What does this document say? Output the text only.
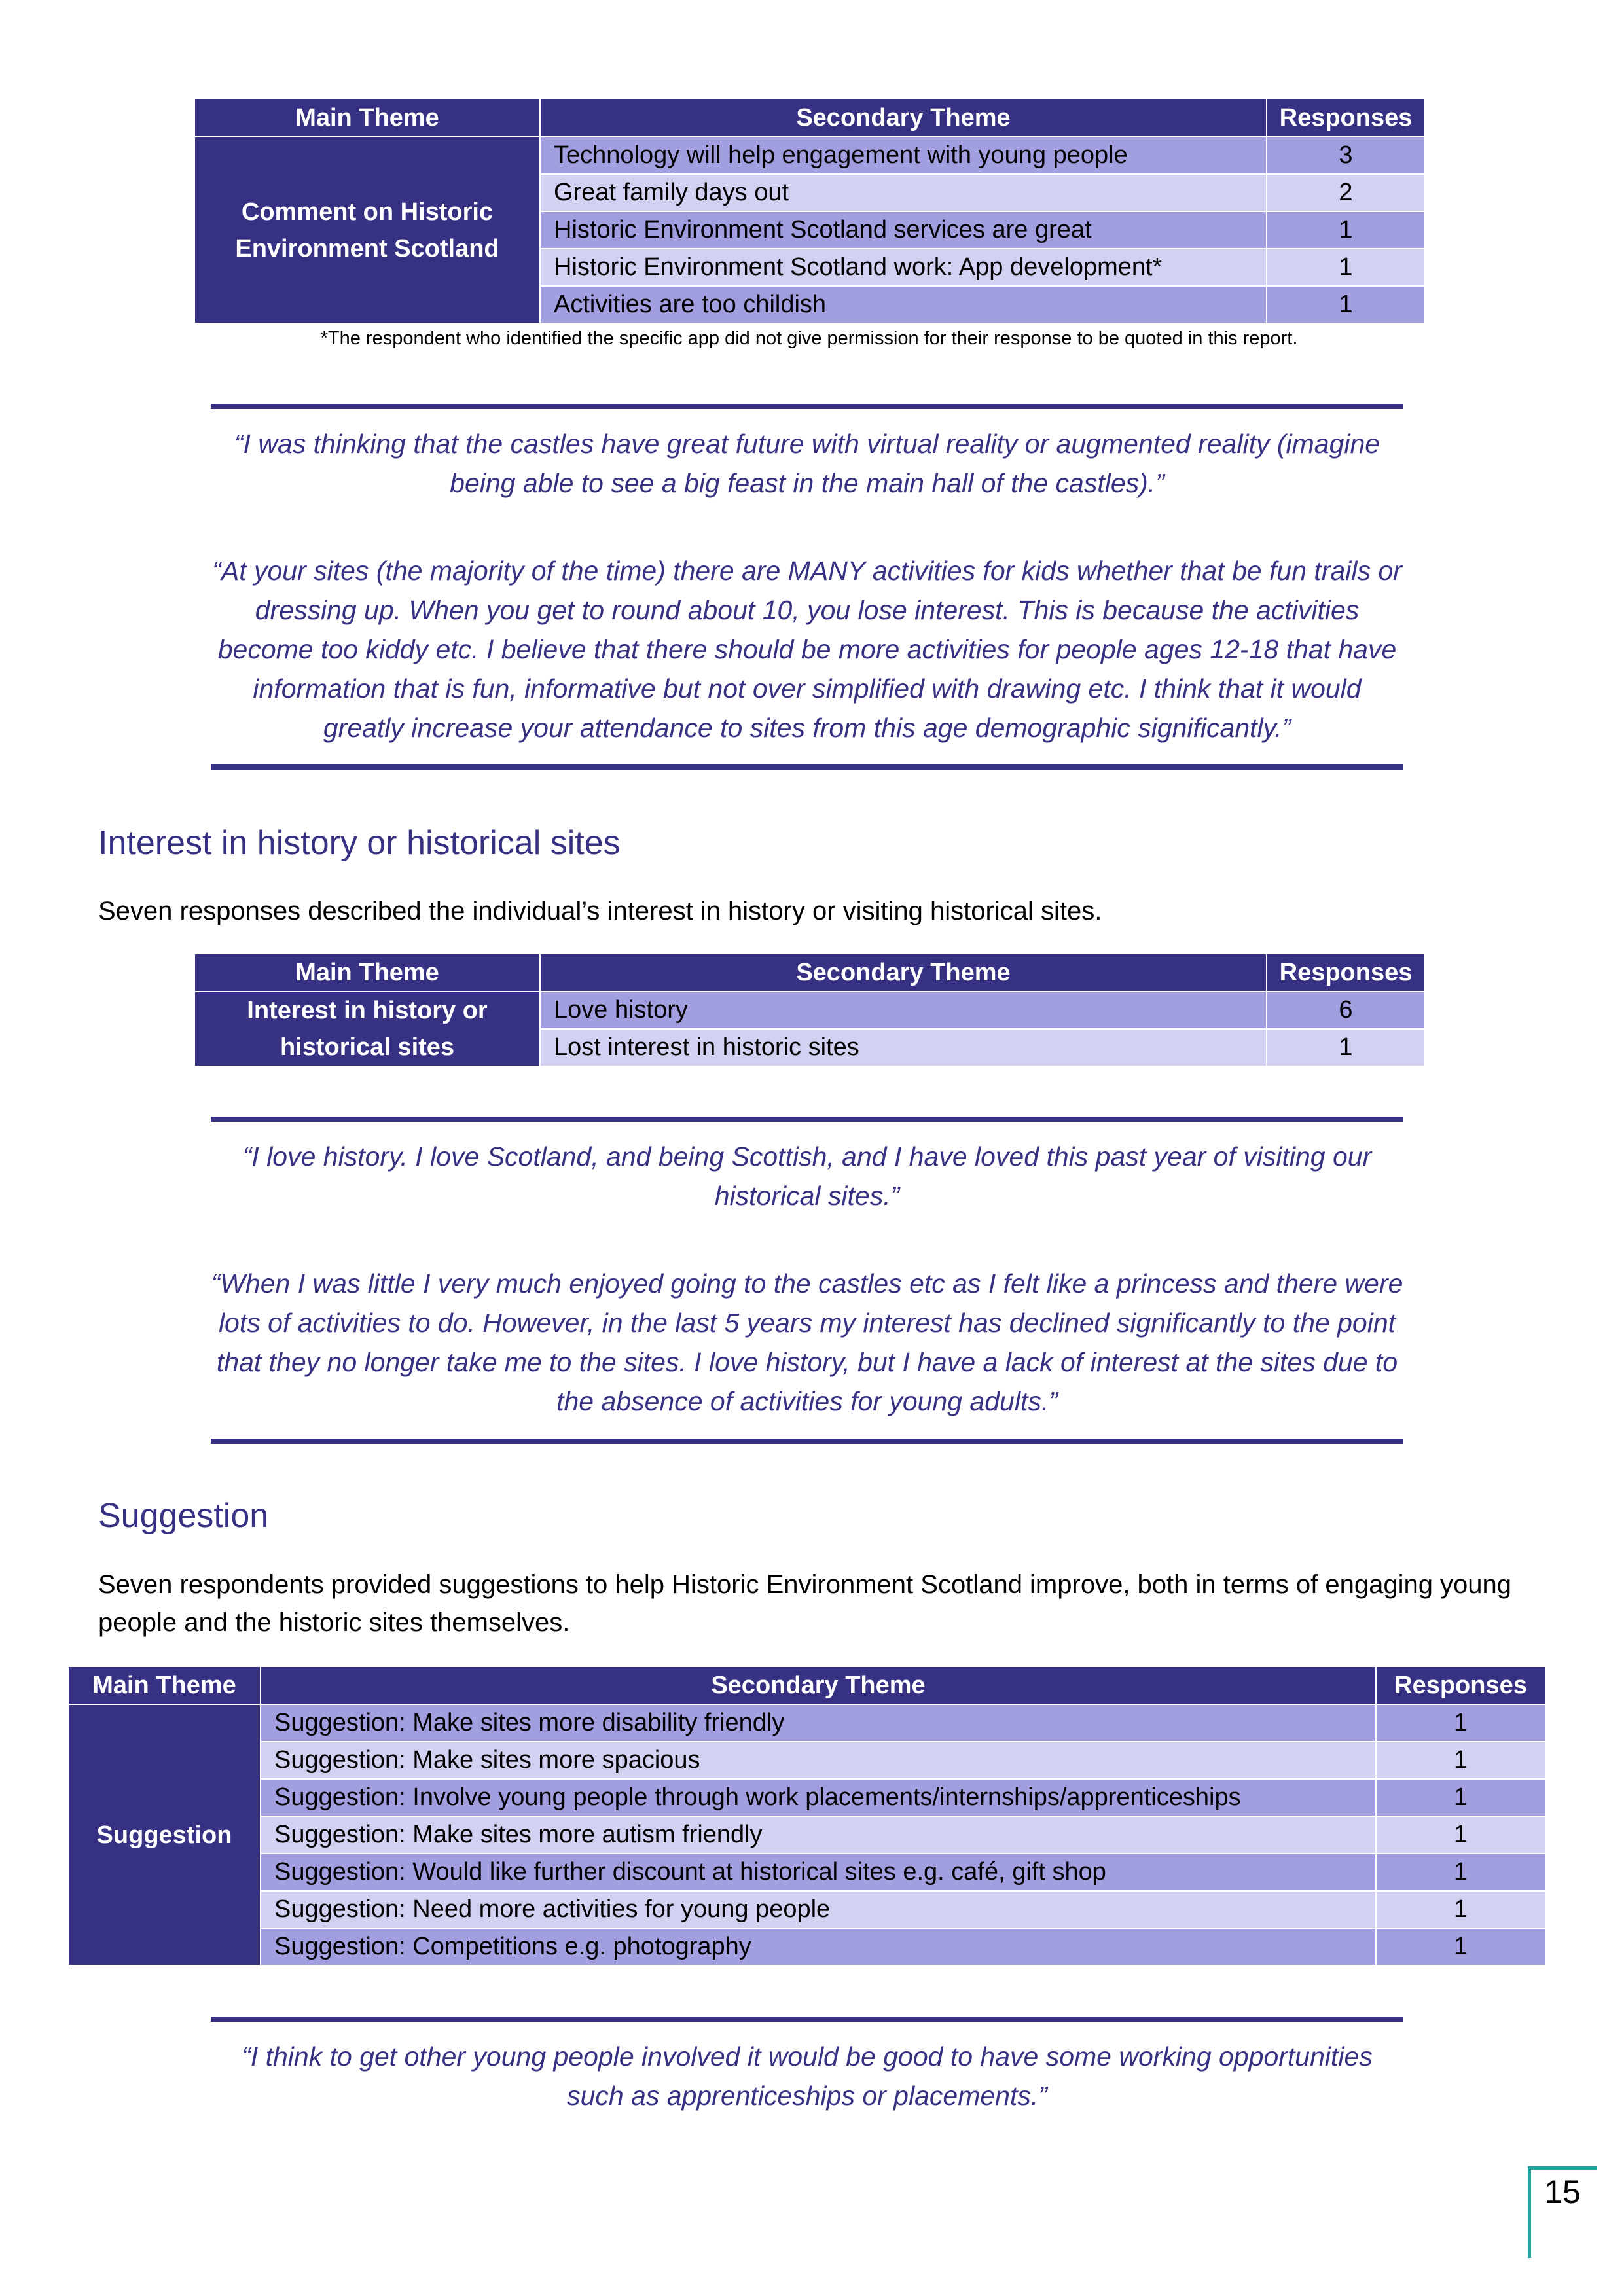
Main Theme	Secondary Theme	Responses
Comment on Historic Environment Scotland	Technology will help engagement with young people	3
	Great family days out	2
	Historic Environment Scotland services are great	1
	Historic Environment Scotland work: App development*	1
	Activities are too childish	1
*The respondent who identified the specific app did not give permission for their response to be quoted in this report.
“I was thinking that the castles have great future with virtual reality or augmented reality (imagine being able to see a big feast in the main hall of the castles).”
“At your sites (the majority of the time) there are MANY activities for kids whether that be fun trails or dressing up. When you get to round about 10, you lose interest. This is because the activities become too kiddy etc. I believe that there should be more activities for people ages 12-18 that have information that is fun, informative but not over simplified with drawing etc. I think that it would greatly increase your attendance to sites from this age demographic significantly.”
Interest in history or historical sites

Seven responses described the individual’s interest in history or visiting historical sites.

Main Theme	Secondary Theme	Responses
Interest in history or historical sites	Love history	6
	Lost interest in historic sites	1
“I love history. I love Scotland, and being Scottish, and I have loved this past year of visiting our historical sites.”
“When I was little I very much enjoyed going to the castles etc as I felt like a princess and there were lots of activities to do. However, in the last 5 years my interest has declined significantly to the point that they no longer take me to the sites. I love history, but I have a lack of interest at the sites due to the absence of activities for young adults.”
Suggestion

Seven respondents provided suggestions to help Historic Environment Scotland improve, both in terms of engaging young people and the historic sites themselves.

Main Theme	Secondary Theme	Responses
Suggestion	Suggestion: Make sites more disability friendly	1
	Suggestion: Make sites more spacious	1
	Suggestion: Involve young people through work placements/internships/apprenticeships	1
	Suggestion: Make sites more autism friendly	1
	Suggestion: Would like further discount at historical sites e.g. café, gift shop	1
	Suggestion: Need more activities for young people	1
	Suggestion: Competitions e.g. photography	1
“I think to get other young people involved it would be good to have some working opportunities such as apprenticeships or placements.”
15
